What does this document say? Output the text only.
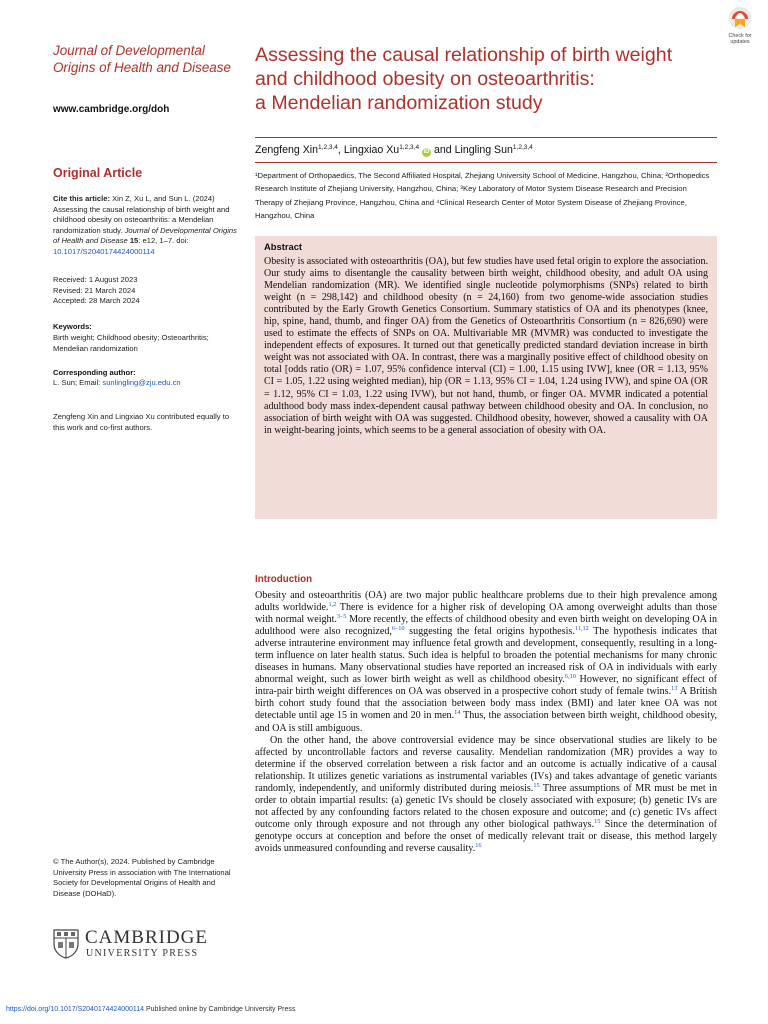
Check for
updates
Journal of Developmental
Origins of Health and Disease
www.cambridge.org/doh
Original Article
Cite this article: Xin Z, Xu L, and Sun L. (2024) Assessing the causal relationship of birth weight and childhood obesity on osteoarthritis: a Mendelian randomization study. Journal of Developmental Origins of Health and Disease 15: e12, 1–7. doi: 10.1017/S2040174424000114
Received: 1 August 2023
Revised: 21 March 2024
Accepted: 28 March 2024
Keywords:
Birth weight; Childhood obesity; Osteoarthritis; Mendelian randomization
Corresponding author:
L. Sun; Email: sunlingling@zju.edu.cn
Zengfeng Xin and Lingxiao Xu contributed equally to this work and co-first authors.
© The Author(s), 2024. Published by Cambridge University Press in association with The International Society for Developmental Origins of Health and Disease (DOHaD).
CAMBRIDGE
UNIVERSITY PRESS
Assessing the causal relationship of birth weight
and childhood obesity on osteoarthritis:
a Mendelian randomization study
Zengfeng Xin$^{1,2,3,4}$, Lingxiao Xu$^{1,2,3,4}$ iD and Lingling Sun$^{1,2,3,4}$
¹Department of Orthopaedics, The Second Affiliated Hospital, Zhejiang University School of Medicine, Hangzhou, China; ²Orthopedics Research Institute of Zhejiang University, Hangzhou, China; ³Key Laboratory of Motor System Disease Research and Precision Therapy of Zhejiang Province, Hangzhou, China and ⁴Clinical Research Center of Motor System Disease of Zhejiang Province, Hangzhou, China
Abstract
Obesity is associated with osteoarthritis (OA), but few studies have used fetal origin to explore the association. Our study aims to disentangle the causality between birth weight, childhood obesity, and adult OA using Mendelian randomization (MR). We identified single nucleotide polymorphisms (SNPs) related to birth weight (n = 298,142) and childhood obesity (n = 24,160) from two genome-wide association studies contributed by the Early Growth Genetics Consortium. Summary statistics of OA and its phenotypes (knee, hip, spine, hand, thumb, and finger OA) from the Genetics of Osteoarthritis Consortium (n = 826,690) were used to estimate the effects of SNPs on OA. Multivariable MR (MVMR) was conducted to investigate the independent effects of exposures. It turned out that genetically predicted standard deviation increase in birth weight was not associated with OA. In contrast, there was a marginally positive effect of childhood obesity on total [odds ratio (OR) = 1.07, 95% confidence interval (CI) = 1.00, 1.15 using IVW], knee (OR = 1.13, 95% CI = 1.05, 1.22 using weighted median), hip (OR = 1.13, 95% CI = 1.04, 1.24 using IVW), and spine OA (OR = 1.12, 95% CI = 1.03, 1.22 using IVW), but not hand, thumb, or finger OA. MVMR indicated a potential adulthood body mass index-dependent causal pathway between childhood obesity and OA. In conclusion, no association of birth weight with OA was suggested. Childhood obesity, however, showed a causality with OA in weight-bearing joints, which seems to be a general association of obesity with OA.
Introduction

Obesity and osteoarthritis (OA) are two major public healthcare problems due to their high prevalence among adults worldwide.$^{1,2}$ There is evidence for a higher risk of developing OA among overweight adults than those with normal weight.$^{3-5}$ More recently, the effects of childhood obesity and even birth weight on developing OA in adulthood were also recognized,$^{6-10}$ suggesting the fetal origins hypothesis.$^{11,12}$ The hypothesis indicates that adverse intrauterine environment may influence fetal growth and development, consequently, resulting in a long-term influence on later health status. Such idea is helpful to broaden the potential mechanisms for many chronic diseases in humans. Many observational studies have reported an increased risk of OA in individuals with early abnormal weight, such as lower birth weight as well as childhood obesity.$^{6,10}$ However, no significant effect of intra-pair birth weight differences on OA was observed in a prospective cohort study of female twins.$^{13}$ A British birth cohort study found that the association between body mass index (BMI) and later knee OA was not detectable until age 15 in women and 20 in men.$^{14}$ Thus, the association between birth weight, childhood obesity, and OA is still ambiguous.

On the other hand, the above controversial evidence may be since observational studies are likely to be affected by uncontrollable factors and reverse causality. Mendelian randomization (MR) provides a way to determine if the observed correlation between a risk factor and an outcome is actually indicative of a causal relationship. It utilizes genetic variations as instrumental variables (IVs) and takes advantage of genetic variants randomly, independently, and uniformly distributed during meiosis.$^{15}$ Three assumptions of MR must be met in order to obtain impartial results: (a) genetic IVs should be closely associated with exposure; (b) genetic IVs are not affected by any confounding factors related to the chosen exposure and outcome; and (c) genetic IVs affect outcome only through exposure and not through any other biological pathways.$^{15}$ Since the determination of genotype occurs at conception and before the onset of medically relevant trait or disease, this method largely avoids unmeasured confounding and reverse causality.$^{16}$

https://doi.org/10.1017/S2040174424000114 Published online by Cambridge University Press
